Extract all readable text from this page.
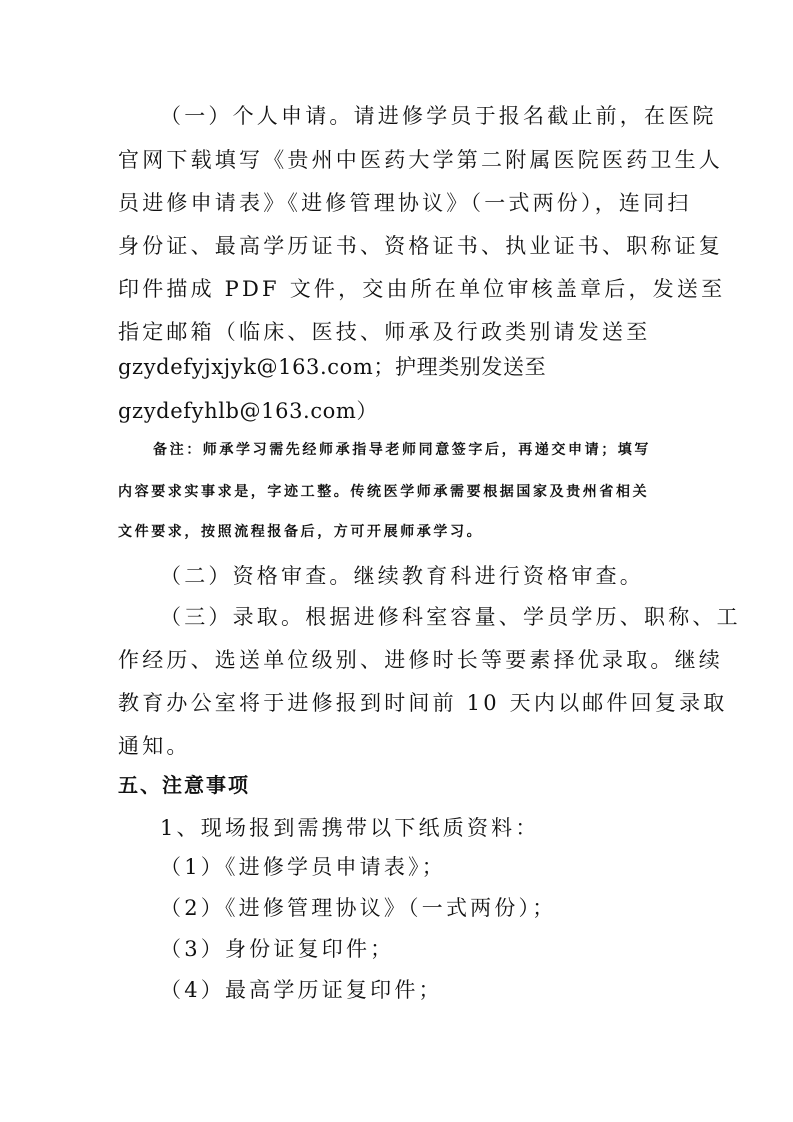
（一）个人申请。请进修学员于报名截止前，在医院
官网下载填写《贵州中医药大学第二附属医院医药卫生人
员进修申请表》《进修管理协议》（一式两份），连同扫
身份证、最高学历证书、资格证书、执业证书、职称证复
印件描成 PDF 文件，交由所在单位审核盖章后，发送至
指定邮箱（临床、医技、师承及行政类别请发送至
gzydefyjxjyk@163.com；护理类别发送至
gzydefyhlb@163.com）
备注：师承学习需先经师承指导老师同意签字后，再递交申请；填写
内容要求实事求是，字迹工整。传统医学师承需要根据国家及贵州省相关
文件要求，按照流程报备后，方可开展师承学习。
（二）资格审查。继续教育科进行资格审查。
（三）录取。根据进修科室容量、学员学历、职称、工
作经历、选送单位级别、进修时长等要素择优录取。继续
教育办公室将于进修报到时间前 10 天内以邮件回复录取
通知。
五、注意事项
1、现场报到需携带以下纸质资料：
（1）《进修学员申请表》；
（2）《进修管理协议》（一式两份）；
（3）身份证复印件；
（4）最高学历证复印件；
